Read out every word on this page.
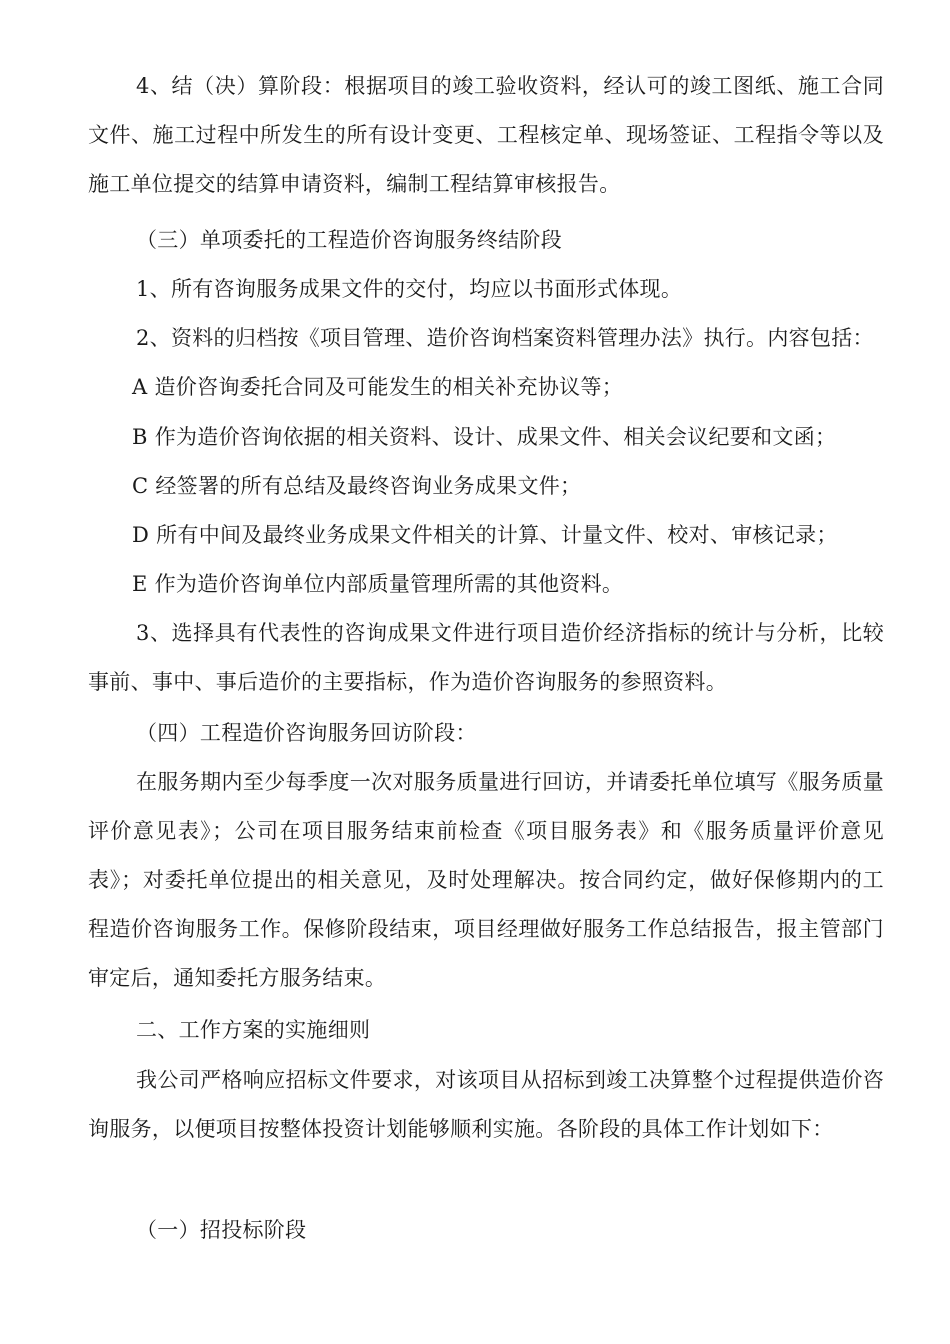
4、结（决）算阶段：根据项目的竣工验收资料，经认可的竣工图纸、施工合同文件、施工过程中所发生的所有设计变更、工程核定单、现场签证、工程指令等以及施工单位提交的结算申请资料，编制工程结算审核报告。

（三）单项委托的工程造价咨询服务终结阶段

1、所有咨询服务成果文件的交付，均应以书面形式体现。

2、资料的归档按《项目管理、造价咨询档案资料管理办法》执行。内容包括：

A 造价咨询委托合同及可能发生的相关补充协议等；

B 作为造价咨询依据的相关资料、设计、成果文件、相关会议纪要和文函；

C 经签署的所有总结及最终咨询业务成果文件；

D 所有中间及最终业务成果文件相关的计算、计量文件、校对、审核记录；

E 作为造价咨询单位内部质量管理所需的其他资料。

3、选择具有代表性的咨询成果文件进行项目造价经济指标的统计与分析，比较事前、事中、事后造价的主要指标，作为造价咨询服务的参照资料。

（四）工程造价咨询服务回访阶段：

在服务期内至少每季度一次对服务质量进行回访，并请委托单位填写《服务质量评价意见表》；公司在项目服务结束前检查《项目服务表》和《服务质量评价意见表》；对委托单位提出的相关意见，及时处理解决。按合同约定，做好保修期内的工程造价咨询服务工作。保修阶段结束，项目经理做好服务工作总结报告，报主管部门审定后，通知委托方服务结束。

二、工作方案的实施细则

我公司严格响应招标文件要求，对该项目从招标到竣工决算整个过程提供造价咨询服务，以便项目按整体投资计划能够顺利实施。各阶段的具体工作计划如下：

（一）招投标阶段
